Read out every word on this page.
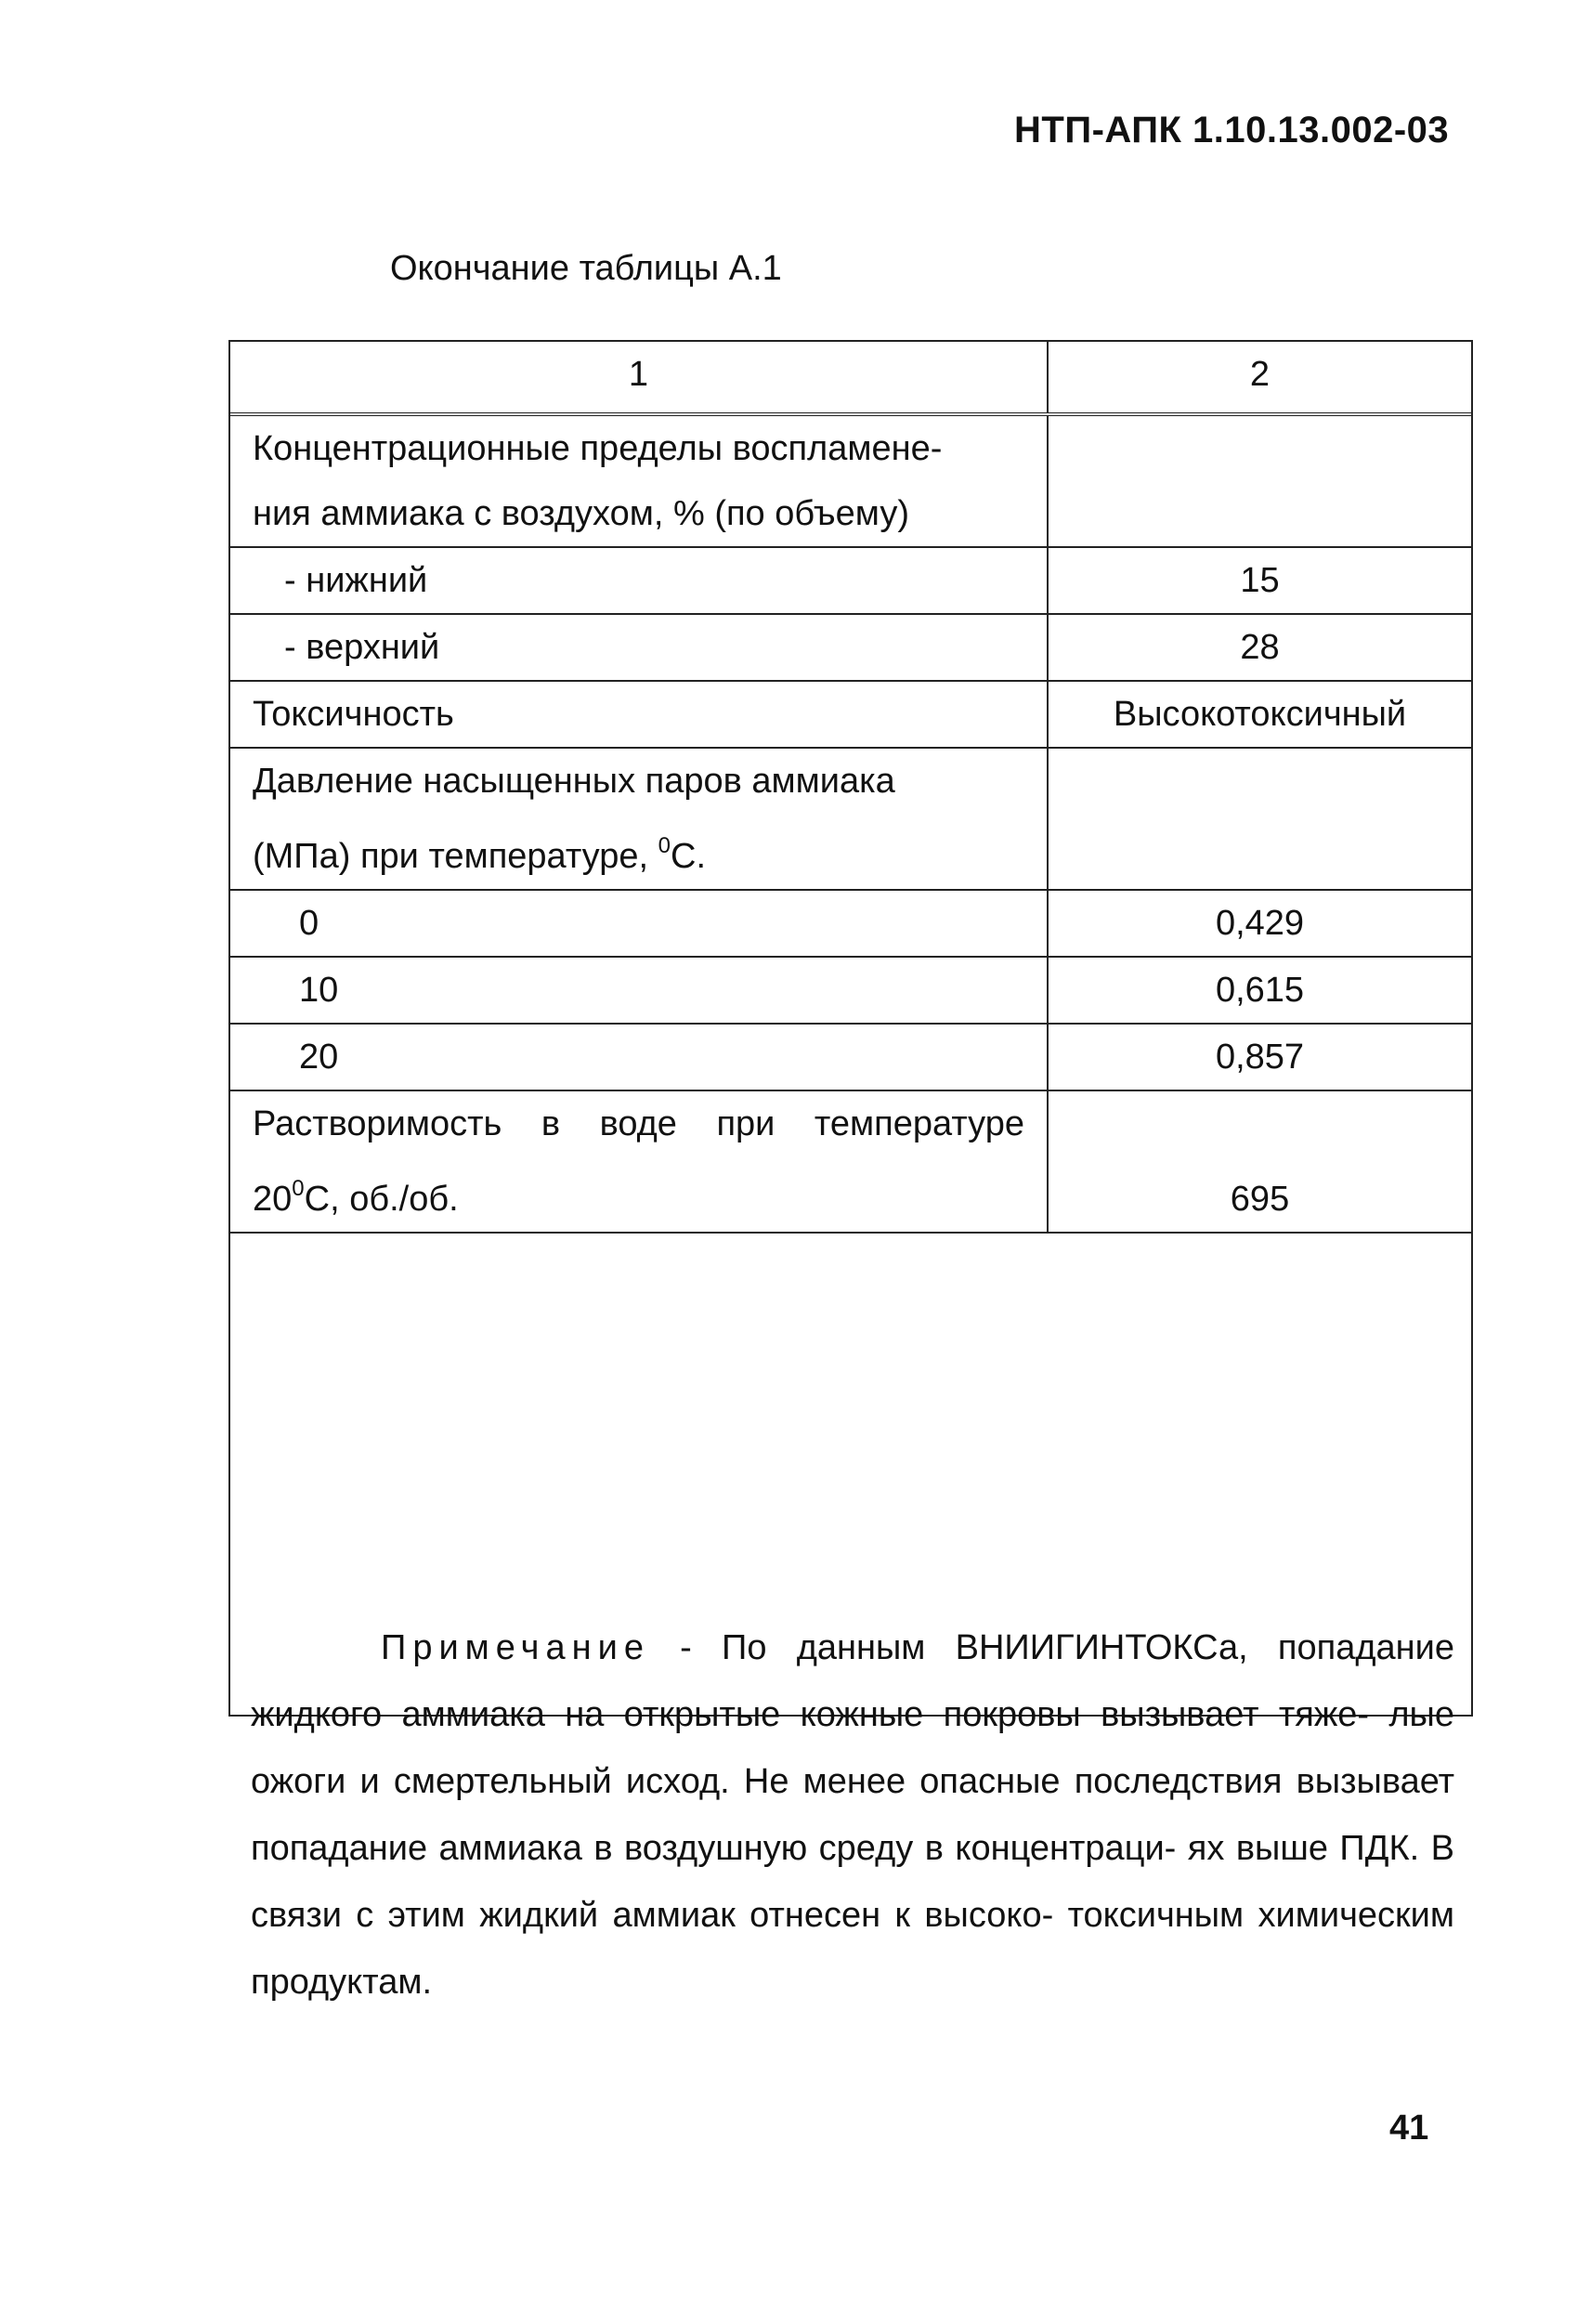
НТП-АПК 1.10.13.002-03
Окончание таблицы А.1
1	2

Концентрационные пределы воспламене-
ния аммиака с воздухом, % (по объему)	

- нижний	15
- верхний	28
Токсичность	Высокотоксичный

Давление насыщенных паров аммиака
(МПа) при температуре, $^0$С.	

0	0,429
10	0,615
20	0,857

Растворимость в воде при температуре
$20^0С$, об./об.	695

Примечание - По данным ВНИИГИНТОКСа, попадание жидкого аммиака на открытые кожные покровы вызывает тяже- лые ожоги и смертельный исход. Не менее опасные последствия вызывает попадание аммиака в воздушную среду в концентраци- ях выше ПДК. В связи с этим жидкий аммиак отнесен к высоко- токсичным химическим продуктам.

41
